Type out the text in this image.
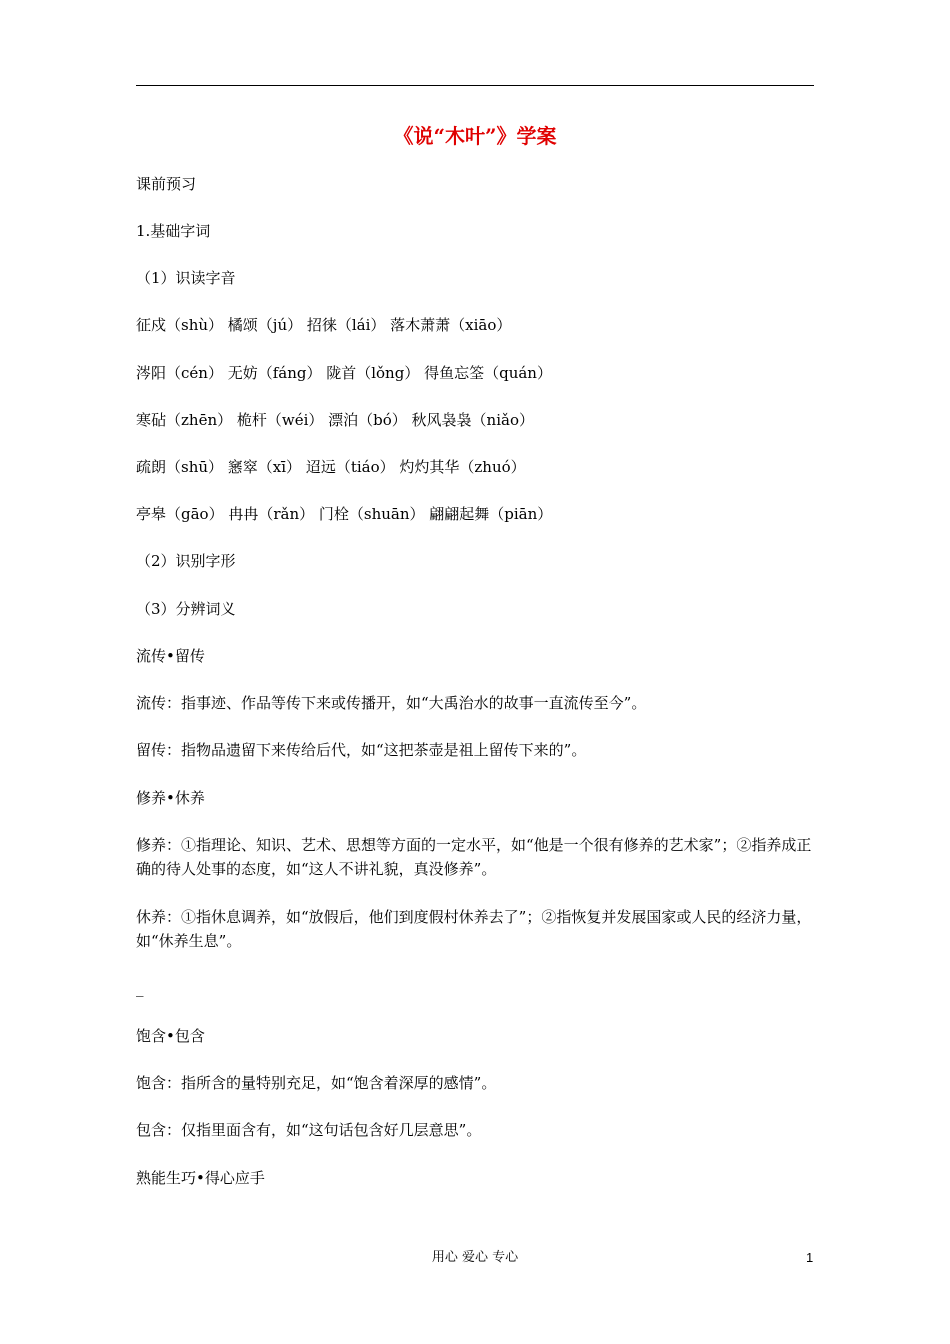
《说“木叶”》学案
课前预习
1.基础字词
（1）识读字音
征戍（shù） 橘颂（jú） 招徕（lái） 落木萧萧（xiāo）
涔阳（cén） 无妨（fáng） 陇首（lǒng） 得鱼忘筌（quán）
寒砧（zhēn） 桅杆（wéi） 漂泊（bó） 秋风袅袅（niǎo）
疏朗（shū） 窸窣（xī） 迢远（tiáo） 灼灼其华（zhuó）
亭皋（gāo） 冉冉（rǎn） 门栓（shuān） 翩翩起舞（piān）
（2）识别字形
（3）分辨词义
流传•留传
流传：指事迹、作品等传下来或传播开，如“大禹治水的故事一直流传至今”。
留传：指物品遗留下来传给后代，如“这把茶壶是祖上留传下来的”。
修养•休养
修养：①指理论、知识、艺术、思想等方面的一定水平，如“他是一个很有修养的艺术家”；②指养成正确的待人处事的态度，如“这人不讲礼貌，真没修养”。
休养：①指休息调养，如“放假后，他们到度假村休养去了”；②指恢复并发展国家或人民的经济力量，如“休养生息”。
_
饱含•包含
饱含：指所含的量特别充足，如“饱含着深厚的感情”。
包含：仅指里面含有，如“这句话包含好几层意思”。
熟能生巧•得心应手
用心 爱心 专心	1
